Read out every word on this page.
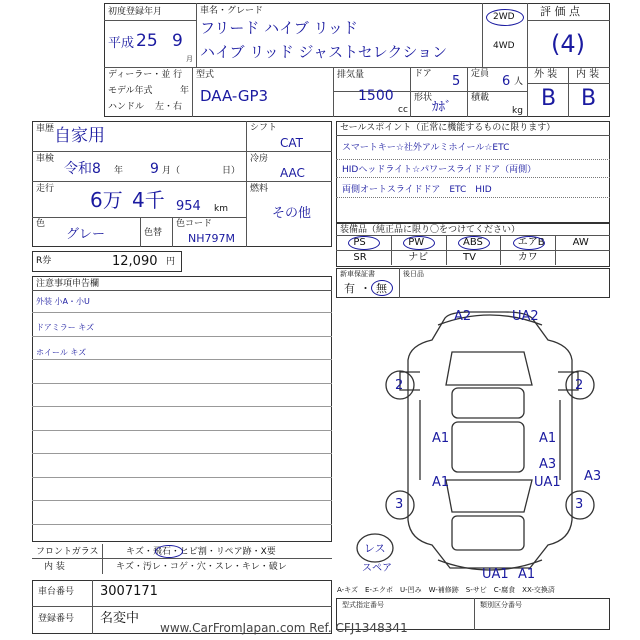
初度登録年月
平成 25 9
月
車名・グレード
フリード ハイブ リッド
ハイブ リッド ジャストセレクション
2WD
4WD
評 価 点
(4)
ディーラー・並 行
モデル年式	年
ハンドル 左・右
型式
DAA-GP3
排気量
1500
cc
ドア 5 定員 6 人
形状
ｶﾎﾞ
積載
kg
外 装 内 装
B B
車歴 自家用
車検
令和8 年 9 月（	日）
走行 6万 4千 954 km
色
グレー	色替
色コード
NH797M
シフト
CAT
冷房
AAC
燃料
その他
セールスポイント（正常に機能するものに限ります）
スマートキー☆社外アルミホイール☆ETC
HIDヘッドライト☆パワースライドドア（両側）
両側オートスライドドア　ETC　HID
装備品（純正品に限り〇をつけてください）
PS	PW	ABS	エアB	AW
SR	ナビ	TV	カワ
R券	12,090 円
新車保証書
有 ・ 無
後日品
注意事項申告欄
外装 小A・小U
ドアミラー キズ
ホイール キズ
フロントガラス	キズ・飛石・ヒビ割・リペア跡・X要
内 装	キズ・汚レ・コゲ・穴・スレ・キレ・破レ
車台番号 3007171
登録番号 名変中
レス
スペア
A2	UA2
2	2
A1	A1
A3
A1	UA1 A3
3	3
UA1 A1
A-キズ　E-エクボ　U-凹み　W-補修跡　S-サビ　C-腐食　XX-交換済
型式指定番号	類別区分番号
www.CarFromJapan.com Ref. CFJ1348341
